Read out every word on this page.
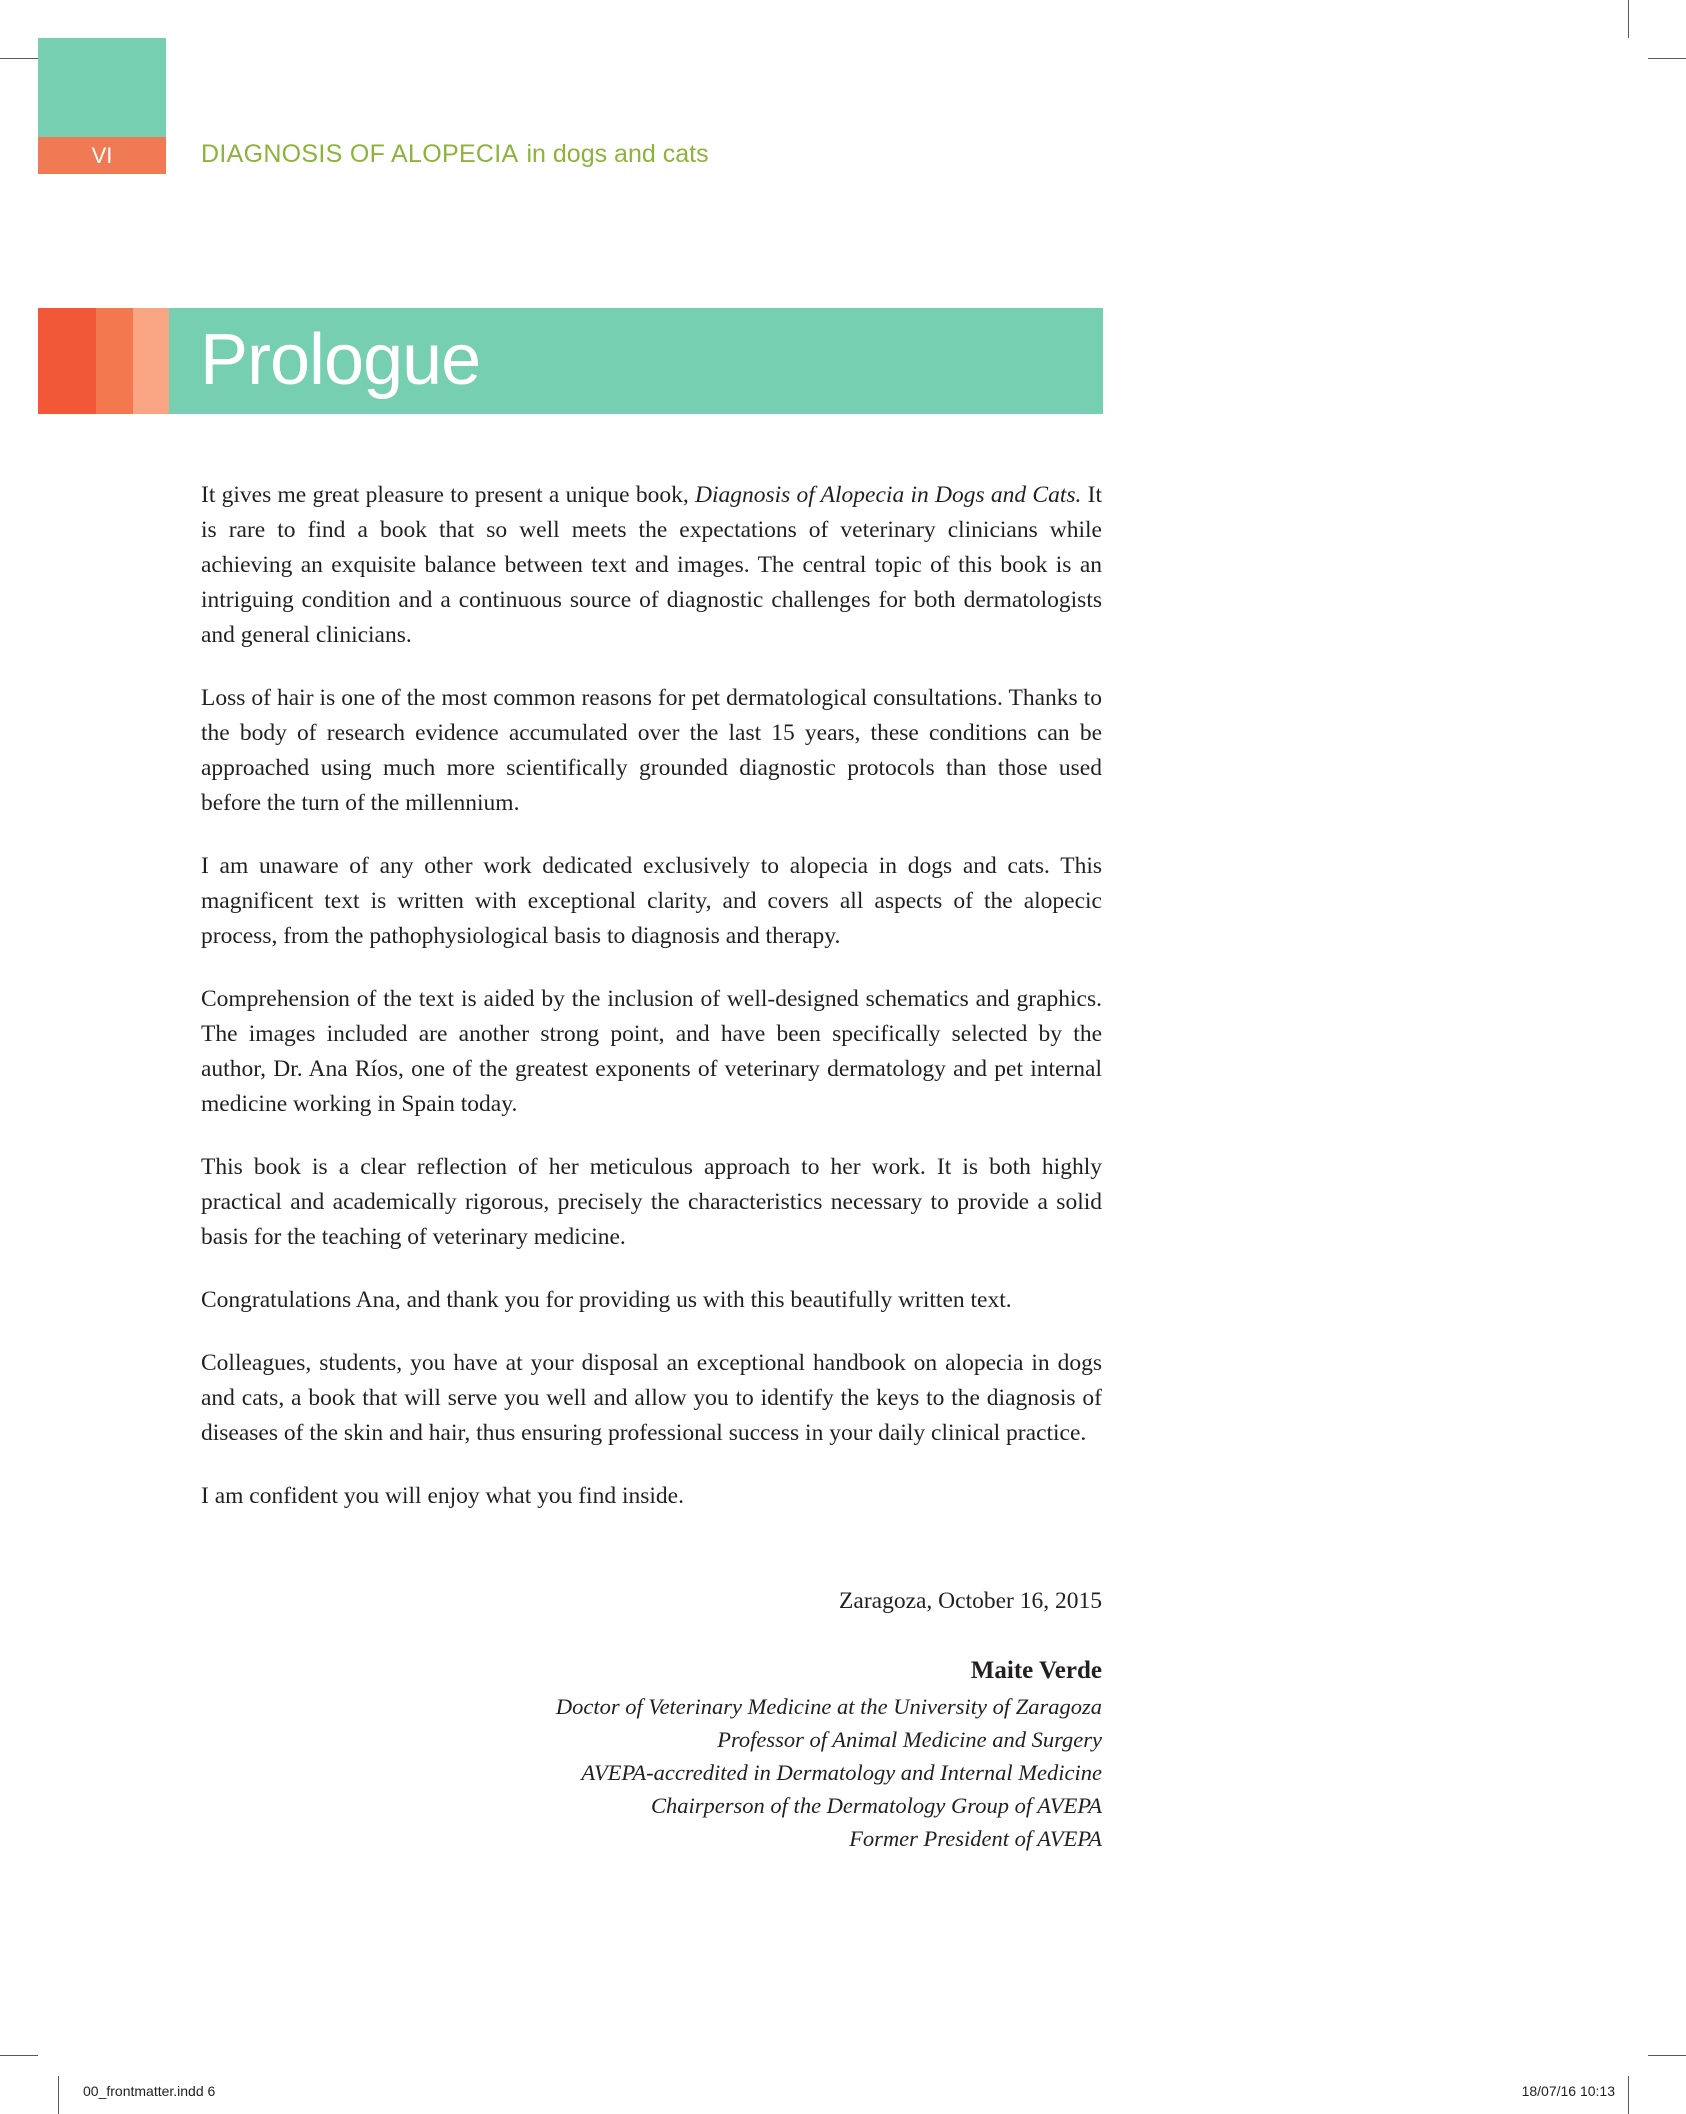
VI	DIAGNOSIS OF ALOPECIA in dogs and cats
Prologue

It gives me great pleasure to present a unique book, Diagnosis of Alopecia in Dogs and Cats. It is rare to find a book that so well meets the expectations of veterinary clinicians while achieving an exquisite balance between text and images. The central topic of this book is an intriguing condition and a continuous source of diagnostic challenges for both dermatologists and general clinicians.

Loss of hair is one of the most common reasons for pet dermatological consultations. Thanks to the body of research evidence accumulated over the last 15 years, these conditions can be approached using much more scientifically grounded diagnostic protocols than those used before the turn of the millennium.

I am unaware of any other work dedicated exclusively to alopecia in dogs and cats. This magnificent text is written with exceptional clarity, and covers all aspects of the alopecic process, from the pathophysiological basis to diagnosis and therapy.

Comprehension of the text is aided by the inclusion of well-designed schematics and graphics. The images included are another strong point, and have been specifically selected by the author, Dr. Ana Ríos, one of the greatest exponents of veterinary dermatology and pet internal medicine working in Spain today.

This book is a clear reflection of her meticulous approach to her work. It is both highly practical and academically rigorous, precisely the characteristics necessary to provide a solid basis for the teaching of veterinary medicine.

Congratulations Ana, and thank you for providing us with this beautifully written text.

Colleagues, students, you have at your disposal an exceptional handbook on alopecia in dogs and cats, a book that will serve you well and allow you to identify the keys to the diagnosis of diseases of the skin and hair, thus ensuring professional success in your daily clinical practice.

I am confident you will enjoy what you find inside.

Zaragoza, October 16, 2015
Maite Verde
Doctor of Veterinary Medicine at the University of Zaragoza
Professor of Animal Medicine and Surgery
AVEPA-accredited in Dermatology and Internal Medicine
Chairperson of the Dermatology Group of AVEPA
Former President of AVEPA
00_frontmatter.indd 6	18/07/16 10:13
